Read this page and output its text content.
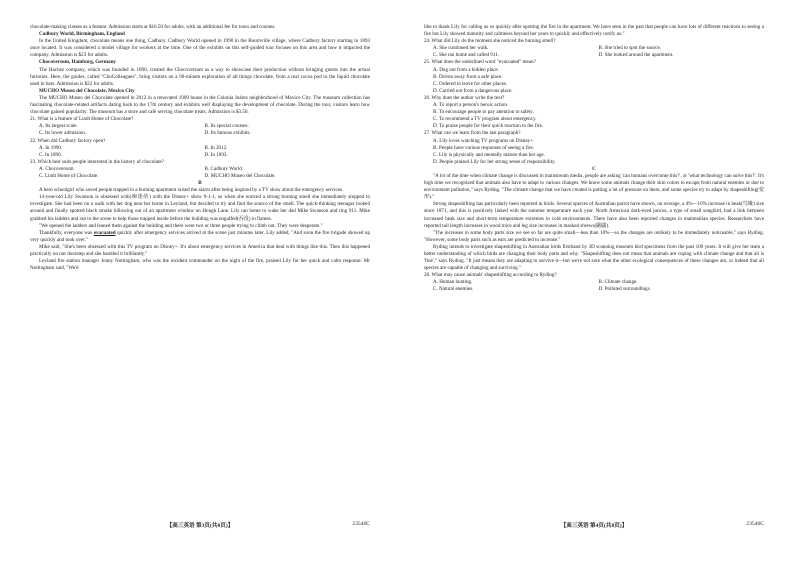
chocolate-making classes as a feature. Admission starts at $16.50 for adults, with an additional fee for tours and courses.

Cadbury World, Birmingham, England

In the United Kingdom, chocolate means one thing, Cadbury. Cadbury World opened in 1990 in the Bournville village, where Cadbury factory starting in 1893 once located. It was considered a model village for workers at the time. One of the exhibits on this self-guided tour focuses on this area and how it impacted the company. Admission is $23 for adults.

Chocoversum, Hamburg, Germany

The Hachez company, which was founded in 1890, created the Chocoversum as a way to showcase their production without bringing guests into the actual factories. Here, the guides, called "ChoColleagues", bring visitors on a 90-minute exploration of all things chocolate, from a real cocoa pod to the liquid chocolate used in bars. Admission is $22 for adults.

MUCHO Museo del Chocolate, Mexico City

The MUCHO Museo del Chocolate opened in 2012 in a renovated 1909 house in the Colonia Juárez neighborhood of Mexico City. The museum collection has fascinating chocolate-related artifacts dating back to the 17th century and exhibits well displaying the development of chocolate. During the tour, visitors learn how chocolate gained popularity. The museum has a store and café serving chocolate treats. Admission is $3.50.

21. What is a feature of Lindt Home of Chocolate?

A. Its largest scale.	B. Its special courses.
C. Its lower admission.	D. Its famous exhibits.

22. When did Cadbury factory open?

A. In 1990.	B. In 2012.
C. In 1890.	D. In 1893.

23. Which best suits people interested in the history of chocolate?

A. Chocoversum.	B. Cadbury World.
C. Lindt Home of Chocolate.	D. MUCHO Museo del Chocolate.

B

A hero schoolgirl who saved people trapped in a burning apartment raised the alarm after being inspired by a TV show about the emergency services.

14-year-old Lily Swanson is obsessed with(痴迷的) with the Disney+ show 9-1-1, so when she noticed a strong burning smell she immediately stopped to investigate. She had been on a walk with her dog near her home in Leyland, but decided to try and find the source of the smell. The quick-thinking teenager looked around and finally spotted black smoke billowing out of an apartment window on Hough Lane. Lily ran home to wake her dad Mike Swanson and ring 911. Mike grabbed his ladders and ran to the scene to help those trapped inside before the building was engulfed(吞没) in flames.

"We opened the ladders and leaned them against the building and there were two or three people trying to climb out. They were desperate."

Thankfully, everyone was evacuated quickly after emergency services arrived at the scene just minutes later. Lily added, "And soon the fire brigade showed up very quickly and took over."

Mike said, "She's been obsessed with this TV program on Disney+. It's about emergency services in America that deal with things like this. Then this happened practically on our doorstep and she handled it brilliantly."

Leyland fire station manager Jonny Nottingham, who was the incident commander on the night of the fire, praised Lily for her quick and calm response. Mr Nottingham said, "We'd

【高三英语 第3页(共8页)】	23546C

like to thank Lily for calling us so quickly after spotting the fire in the apartment. We have seen in the past that people can have lots of different reactions to seeing a fire but Lily showed maturity and calmness beyond her years to quickly and effectively notify us."

24. What did Lily do the moment she noticed the burning smell?

A. She continued her walk.	B. She tried to spot the source.
C. She ran home and called 911.	D. She looked around the apartment.

25. What does the underlined word "evacuated" mean?

A. Dug out from a hidden place.

B. Driven away from a safe place.

C. Ordered to leave for other places.

D. Carried out from a dangerous place.

26. Why does the author write the text?

A. To report a person's heroic action.

B. To encourage people to pay attention to safety.

C. To recommend a TV program about emergency.

D. To praise people for their quick reaction to the fire.

27. What can we learn from the last paragraph?

A. Lily loves watching TV programs on Disney+.

B. People have various responses of seeing a fire.

C. Lily is physically and mentally mature than her age.

D. People praised Lily for her strong sense of responsibility.

C

"A lot of the time when climate change is discussed in mainstream media, people are asking 'can humans overcome this?', or 'what technology can solve this?'. It's high time we recognized that animals also have to adapt to various changes. We know some animals change their skin colors to escape from natural enemies or due to environment pollution," says Ryding. "The climate change that we have created is putting a lot of pressure on them, and some species try to adapt by shapeshifting(变形)."

Strong shapeshifting has particularly been reported in birds. Several species of Australian parrot have shown, on average, a 4%—10% increase in beak(鸟喙) size since 1871, and this is positively linked with the summer temperature each year. North American dark-eyed juncos, a type of small songbird, had a link between increased beak size and short-term temperature extremes in cold environments. There have also been reported changes in mammalian species. Researchers have reported tail length increases in wood mice and leg size increases in masked shrews(鼩鼱).

"The increases in some body parts size we see so far are quite small—less than 10%—so the changes are unlikely to be immediately noticeable," says Ryding. "However, some body parts such as ears are predicted to increase."

Ryding intends to investigate shapeshifting in Australian birds firsthand by 3D scanning museum bird specimens from the past 100 years. It will give her team a better understanding of which birds are changing their body parts and why. "Shapeshifting does not mean that animals are coping with climate change and that all is 'fine'," says Ryding. "It just means they are adapting to survive it—but we're not sure what the other ecological consequences of these changes are, or indeed that all species are capable of changing and surviving."

28. What may cause animals' shapeshifting according to Ryding?

A. Human hunting.	B. Climate change.
C. Natural enemies.	D. Polluted surroundings.
【高三英语 第4页(共8页)】	23546C
